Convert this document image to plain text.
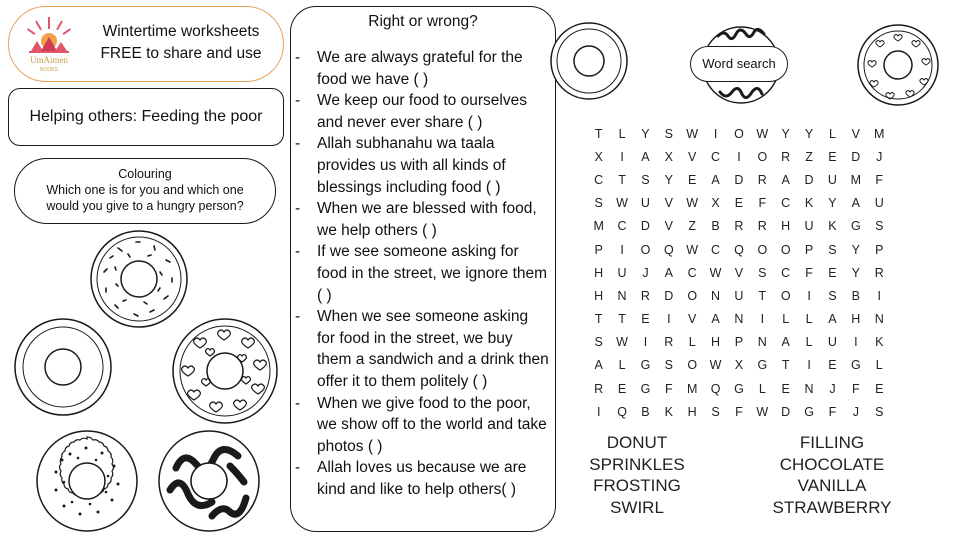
UmAimen
BOOKS
Wintertime worksheets
FREE to share and use
Helping others: Feeding the poor
Colouring
Which one is for you and which one
would you give to a hungry person?
Right or wrong?
- We are always grateful for the food we have ( )
- We keep our food to ourselves and never ever share ( )
- Allah subhanahu wa taala provides us with all kinds of blessings including food ( )
- When we are blessed with food, we help others ( )
- If we see someone asking for food in the street, we ignore them ( )
- When we see someone asking for food in the street, we buy them a sandwich and a drink then offer it to them politely ( )
- When we give food to the poor, we show off to the world and take photos ( )
- Allah loves us because we are kind and like to help others( )
Word search
T	L	Y	S	W	I	O	W	Y	Y	L	V	M
X	I	A	X	V	C	I	O	R	Z	E	D	J
C	T	S	Y	E	A	D	R	A	D	U	M	F
S	W	U	V	W	X	E	F	C	K	Y	A	U
M	C	D	V	Z	B	R	R	H	U	K	G	S
P	I	O	Q	W	C	Q	O	O	P	S	Y	P
H	U	J	A	C	W	V	S	C	F	E	Y	R
H	N	R	D	O	N	U	T	O	I	S	B	I
T	T	E	I	V	A	N	I	L	L	A	H	N
S	W	I	R	L	H	P	N	A	L	U	I	K
A	L	G	S	O	W	X	G	T	I	E	G	L
R	E	G	F	M	Q	G	L	E	N	J	F	E
I	Q	B	K	H	S	F	W	D	G	F	J	S
DONUT
SPRINKLES
FROSTING
SWIRL
FILLING
CHOCOLATE
VANILLA
STRAWBERRY
